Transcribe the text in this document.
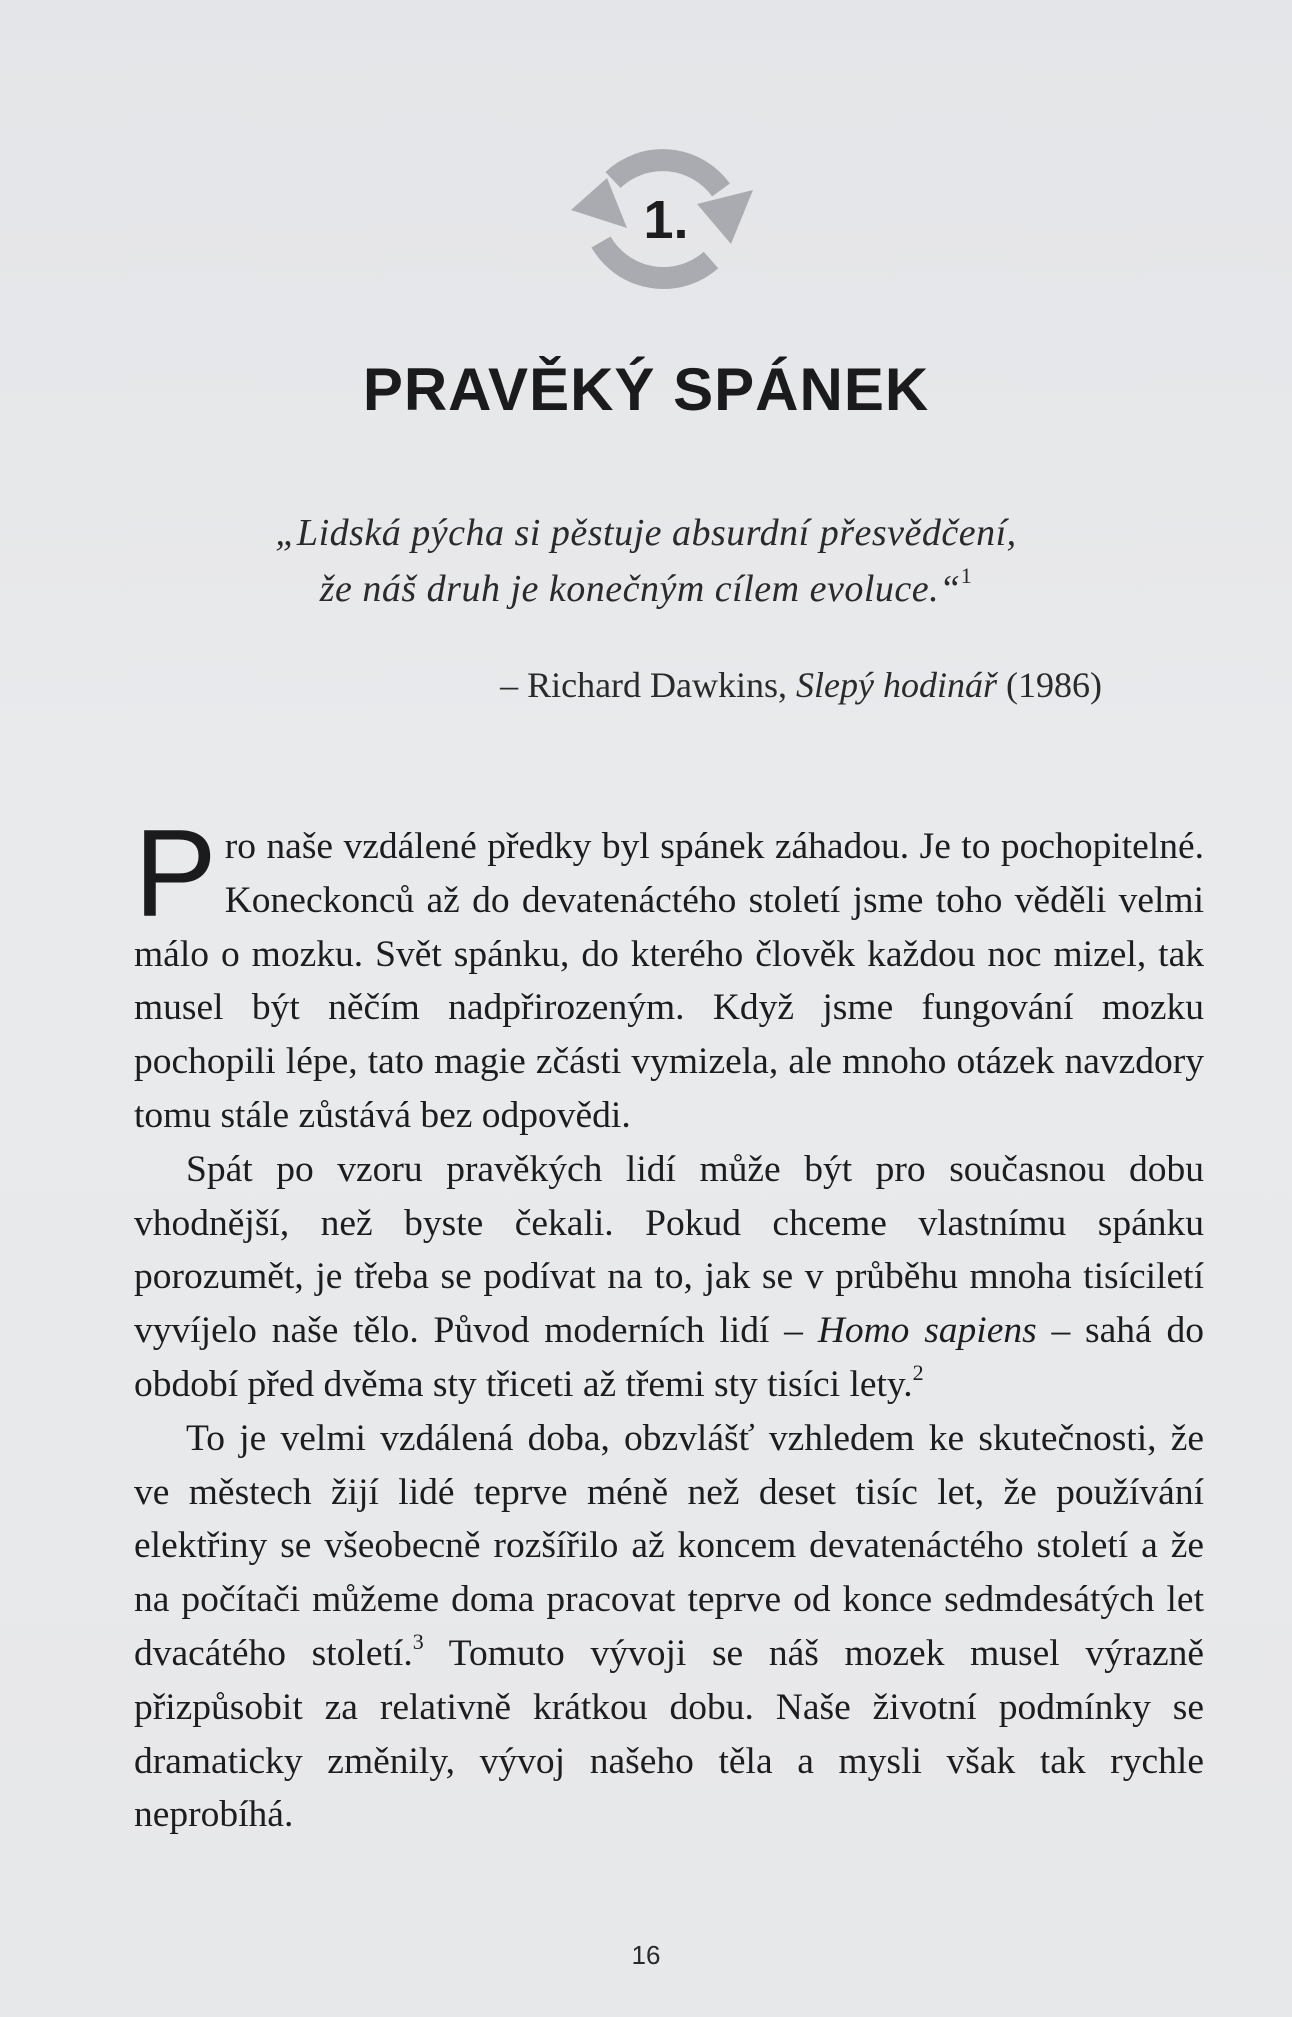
1.
PRAVĚKÝ SPÁNEK
„Lidská pýcha si pěstuje absurdní přesvědčení,
že náš druh je konečným cílem evoluce.“$^1$
– Richard Dawkins, Slepý hodinář (1986)

Pro naše vzdálené předky byl spánek záhadou. Je to pochopitelné. Koneckonců až do devatenáctého století jsme toho věděli velmi málo o mozku. Svět spánku, do kterého člověk každou noc mizel, tak musel být něčím nadpřirozeným. Když jsme fungování mozku pochopili lépe, tato magie zčásti vymizela, ale mnoho otázek navzdory tomu stále zůstává bez odpovědi.

Spát po vzoru pravěkých lidí může být pro současnou dobu vhodnější, než byste čekali. Pokud chceme vlastnímu spánku porozumět, je třeba se podívat na to, jak se v průběhu mnoha tisíciletí vyvíjelo naše tělo. Původ moderních lidí – Homo sapiens – sahá do období před dvěma sty třiceti až třemi sty tisíci lety.$^2$

To je velmi vzdálená doba, obzvlášť vzhledem ke skutečnosti, že ve městech žijí lidé teprve méně než deset tisíc let, že používání elektřiny se všeobecně rozšířilo až koncem devatenáctého století a že na počítači můžeme doma pracovat teprve od konce sedmdesátých let dvacátého století.$^3$ Tomuto vývoji se náš mozek musel výrazně přizpůsobit za relativně krátkou dobu. Naše životní podmínky se dramaticky změnily, vývoj našeho těla a mysli však tak rychle neprobíhá.

16
